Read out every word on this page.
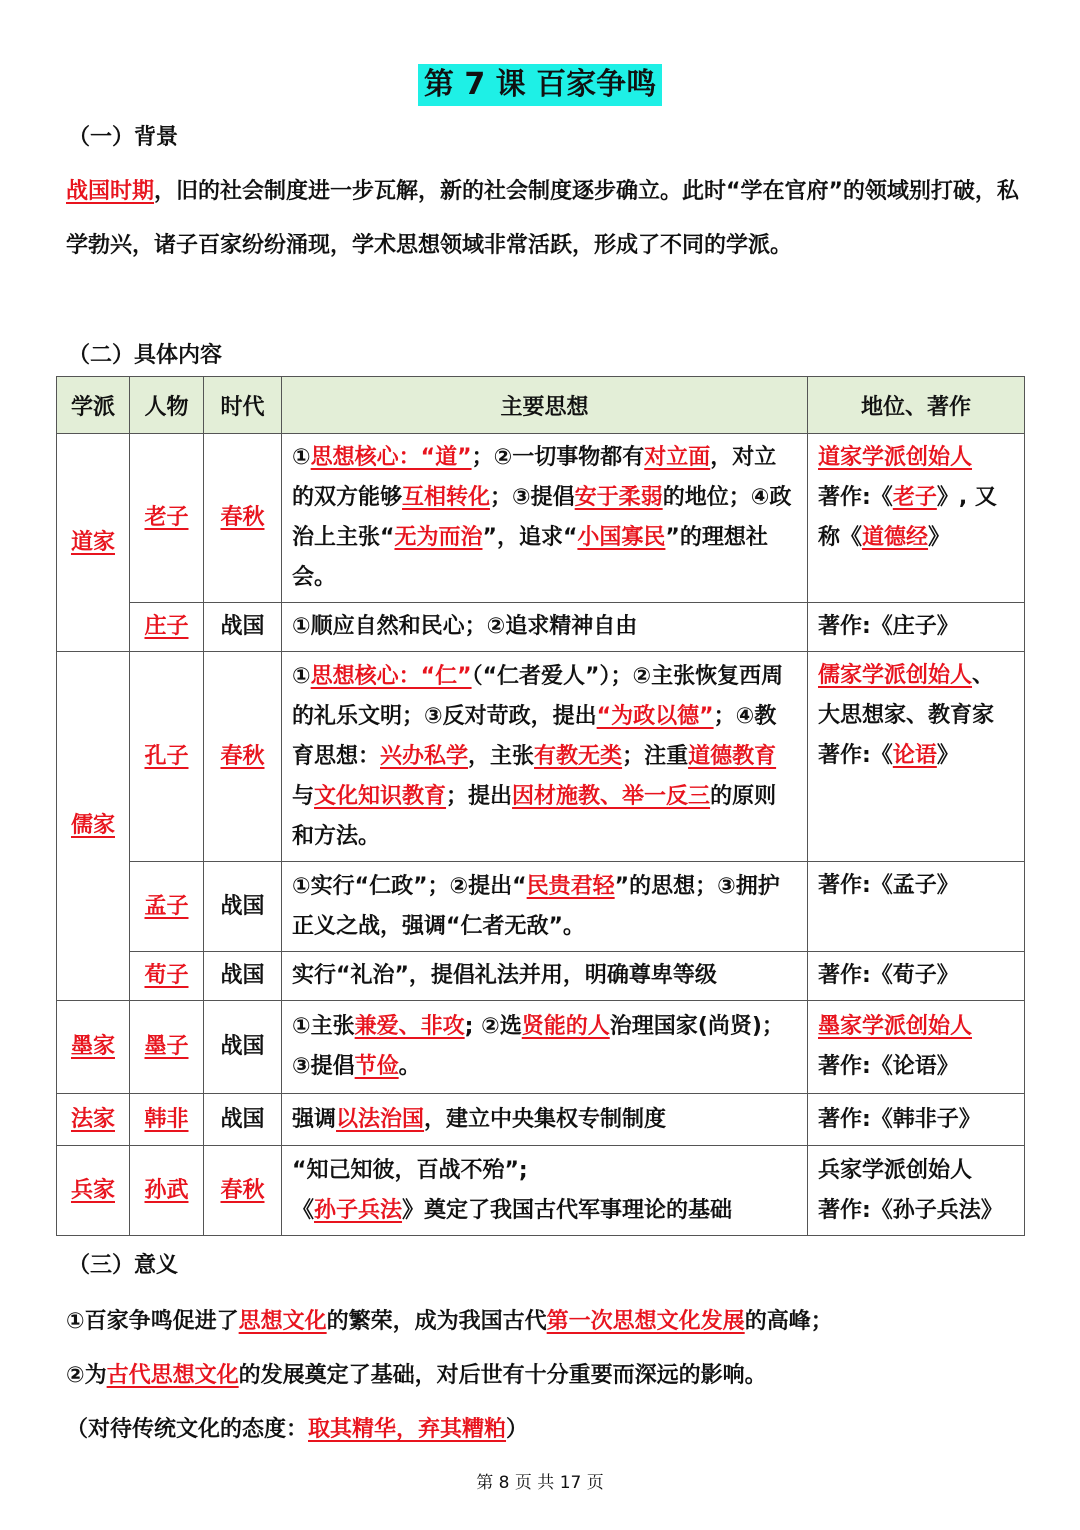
第 7 课 百家争鸣
（一）背景
战国时期，旧的社会制度进一步瓦解，新的社会制度逐步确立。此时“学在官府”的领域别打破，私学勃兴，诸子百家纷纷涌现，学术思想领域非常活跃，形成了不同的学派。
（二）具体内容
学派	人物	时代	主要思想	地位、著作
道家	老子	春秋	①思想核心：“道”；②一切事物都有对立面，对立的双方能够互相转化；③提倡安于柔弱的地位；④政治上主张“无为而治”，追求“小国寡民”的理想社会。	道家学派创始人
著作:《老子》, 又称《道德经》
	庄子	战国	①顺应自然和民心；②追求精神自由	著作:《庄子》
儒家	孔子	春秋	①思想核心：“仁”（“仁者爱人”）；②主张恢复西周的礼乐文明；③反对苛政，提出“为政以德”；④教育思想：兴办私学，主张有教无类；注重道德教育与文化知识教育；提出因材施教、举一反三的原则和方法。	儒家学派创始人、大思想家、教育家
著作:《论语》
	孟子	战国	①实行“仁政”；②提出“民贵君轻”的思想；③拥护正义之战，强调“仁者无敌”。	著作:《孟子》
	荀子	战国	实行“礼治”，提倡礼法并用，明确尊卑等级	著作:《荀子》
墨家	墨子	战国	①主张兼爱、非攻; ②选贤能的人治理国家(尚贤)；③提倡节俭。	墨家学派创始人
著作:《论语》
法家	韩非	战国	强调以法治国，建立中央集权专制制度	著作:《韩非子》
兵家	孙武	春秋	“知己知彼，百战不殆”;
《孙子兵法》奠定了我国古代军事理论的基础	兵家学派创始人
著作:《孙子兵法》
（三）意义
①百家争鸣促进了思想文化的繁荣，成为我国古代第一次思想文化发展的高峰；
②为古代思想文化的发展奠定了基础，对后世有十分重要而深远的影响。
（对待传统文化的态度：取其精华，弃其糟粕）
第 8 页 共 17 页
